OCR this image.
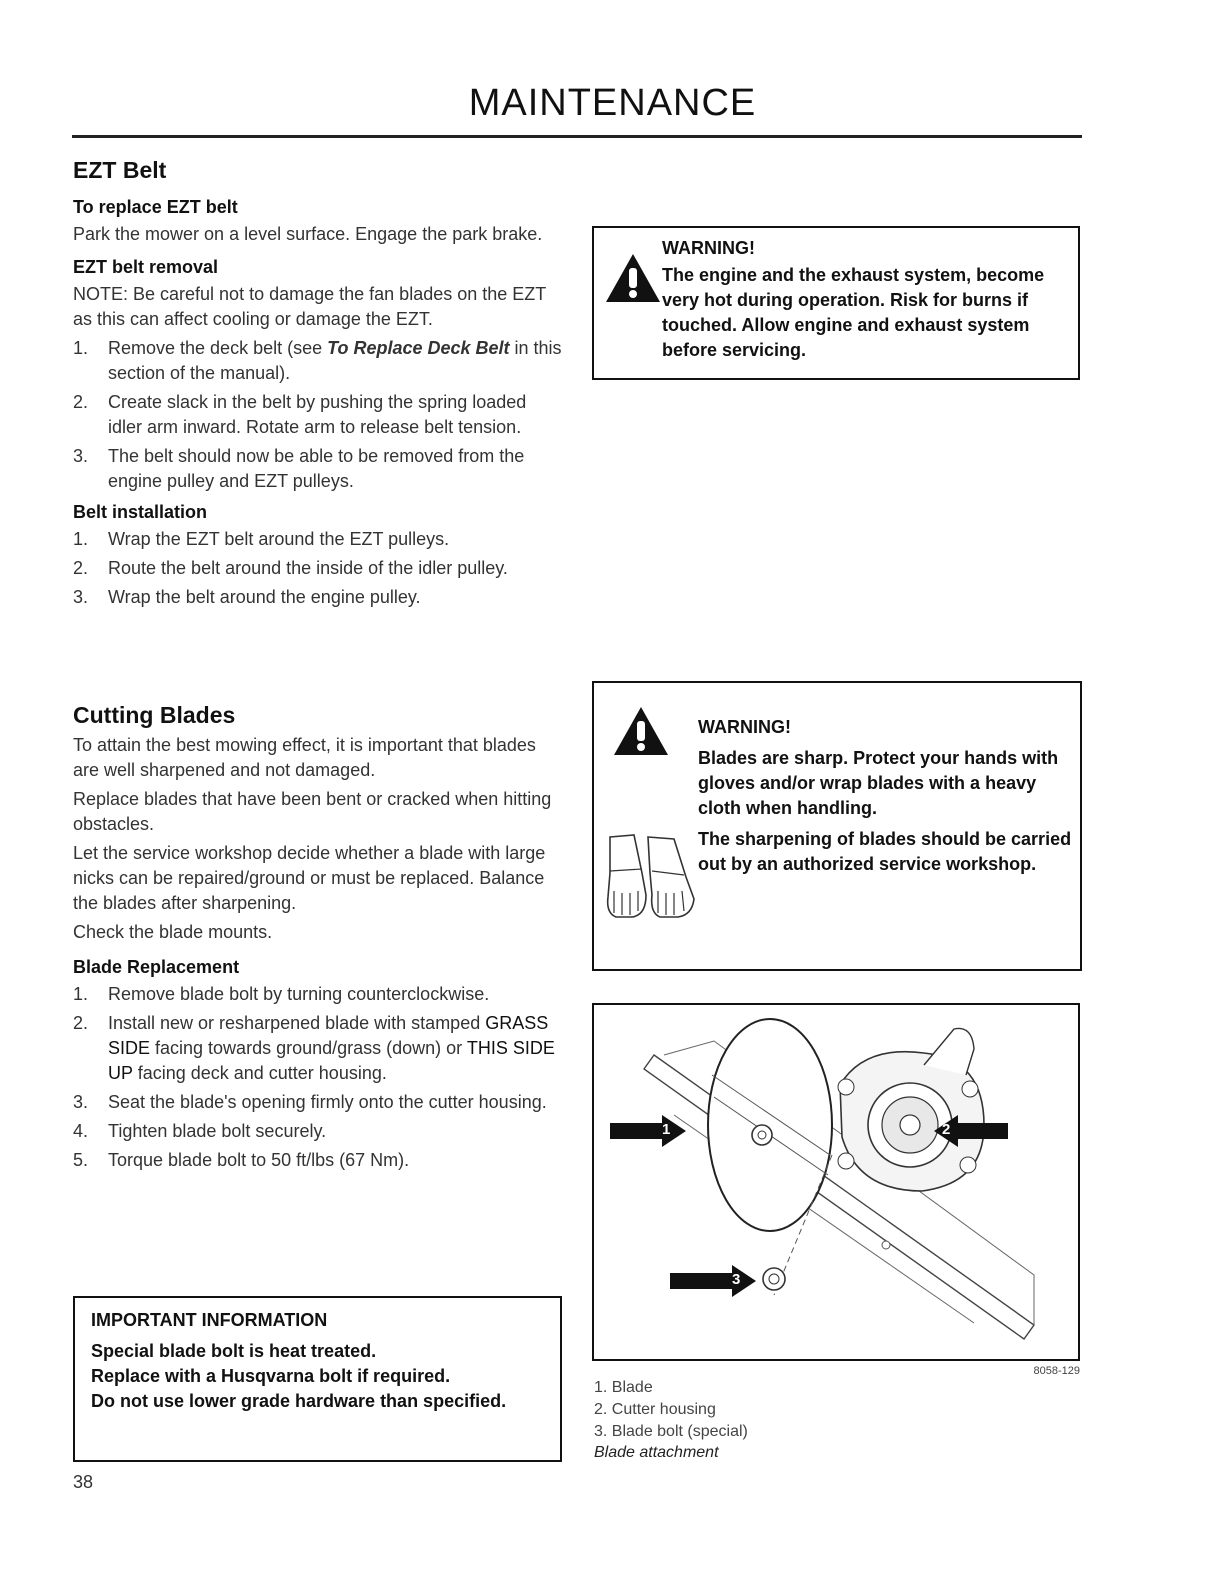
MAINTENANCE
EZT Belt
To replace EZT belt

Park the mower on a level surface. Engage the park brake.

EZT belt removal

NOTE: Be careful not to damage the fan blades on the EZT as this can affect cooling or damage the EZT.

1. Remove the deck belt (see To Replace Deck Belt in this section of the manual).
2. Create slack in the belt by pushing the spring loaded idler arm inward. Rotate arm to release belt tension.
3. The belt should now be able to be removed from the engine pulley and EZT pulleys.
Belt installation
1. Wrap the EZT belt around the EZT pulleys.
2. Route the belt around the inside of the idler pulley.
3. Wrap the belt around the engine pulley.
WARNING!
The engine and the exhaust system, become very hot during operation. Risk for burns if touched. Allow engine and exhaust system before servicing.
Cutting Blades

To attain the best mowing effect, it is important that blades are well sharpened and not damaged.

Replace blades that have been bent or cracked when hitting obstacles.

Let the service workshop decide whether a blade with large nicks can be repaired/ground or must be replaced. Balance the blades after sharpening.

Check the blade mounts.

Blade Replacement
1. Remove blade bolt by turning counterclockwise.
2. Install new or resharpened blade with stamped GRASS SIDE facing towards ground/grass (down) or THIS SIDE UP facing deck and cutter housing.
3. Seat the blade's opening firmly onto the cutter housing.
4. Tighten blade bolt securely.
5. Torque blade bolt to 50 ft/lbs (67 Nm).
WARNING!
Blades are sharp. Protect your hands with gloves and/or wrap blades with a heavy cloth when handling.
The sharpening of blades should be carried out by an authorized service workshop.
1	2
3
8058-129
1. Blade
2. Cutter housing
3. Blade bolt (special)
Blade attachment
IMPORTANT INFORMATION
Special blade bolt is heat treated.
Replace with a Husqvarna bolt if required.
Do not use lower grade hardware than specified.
38
